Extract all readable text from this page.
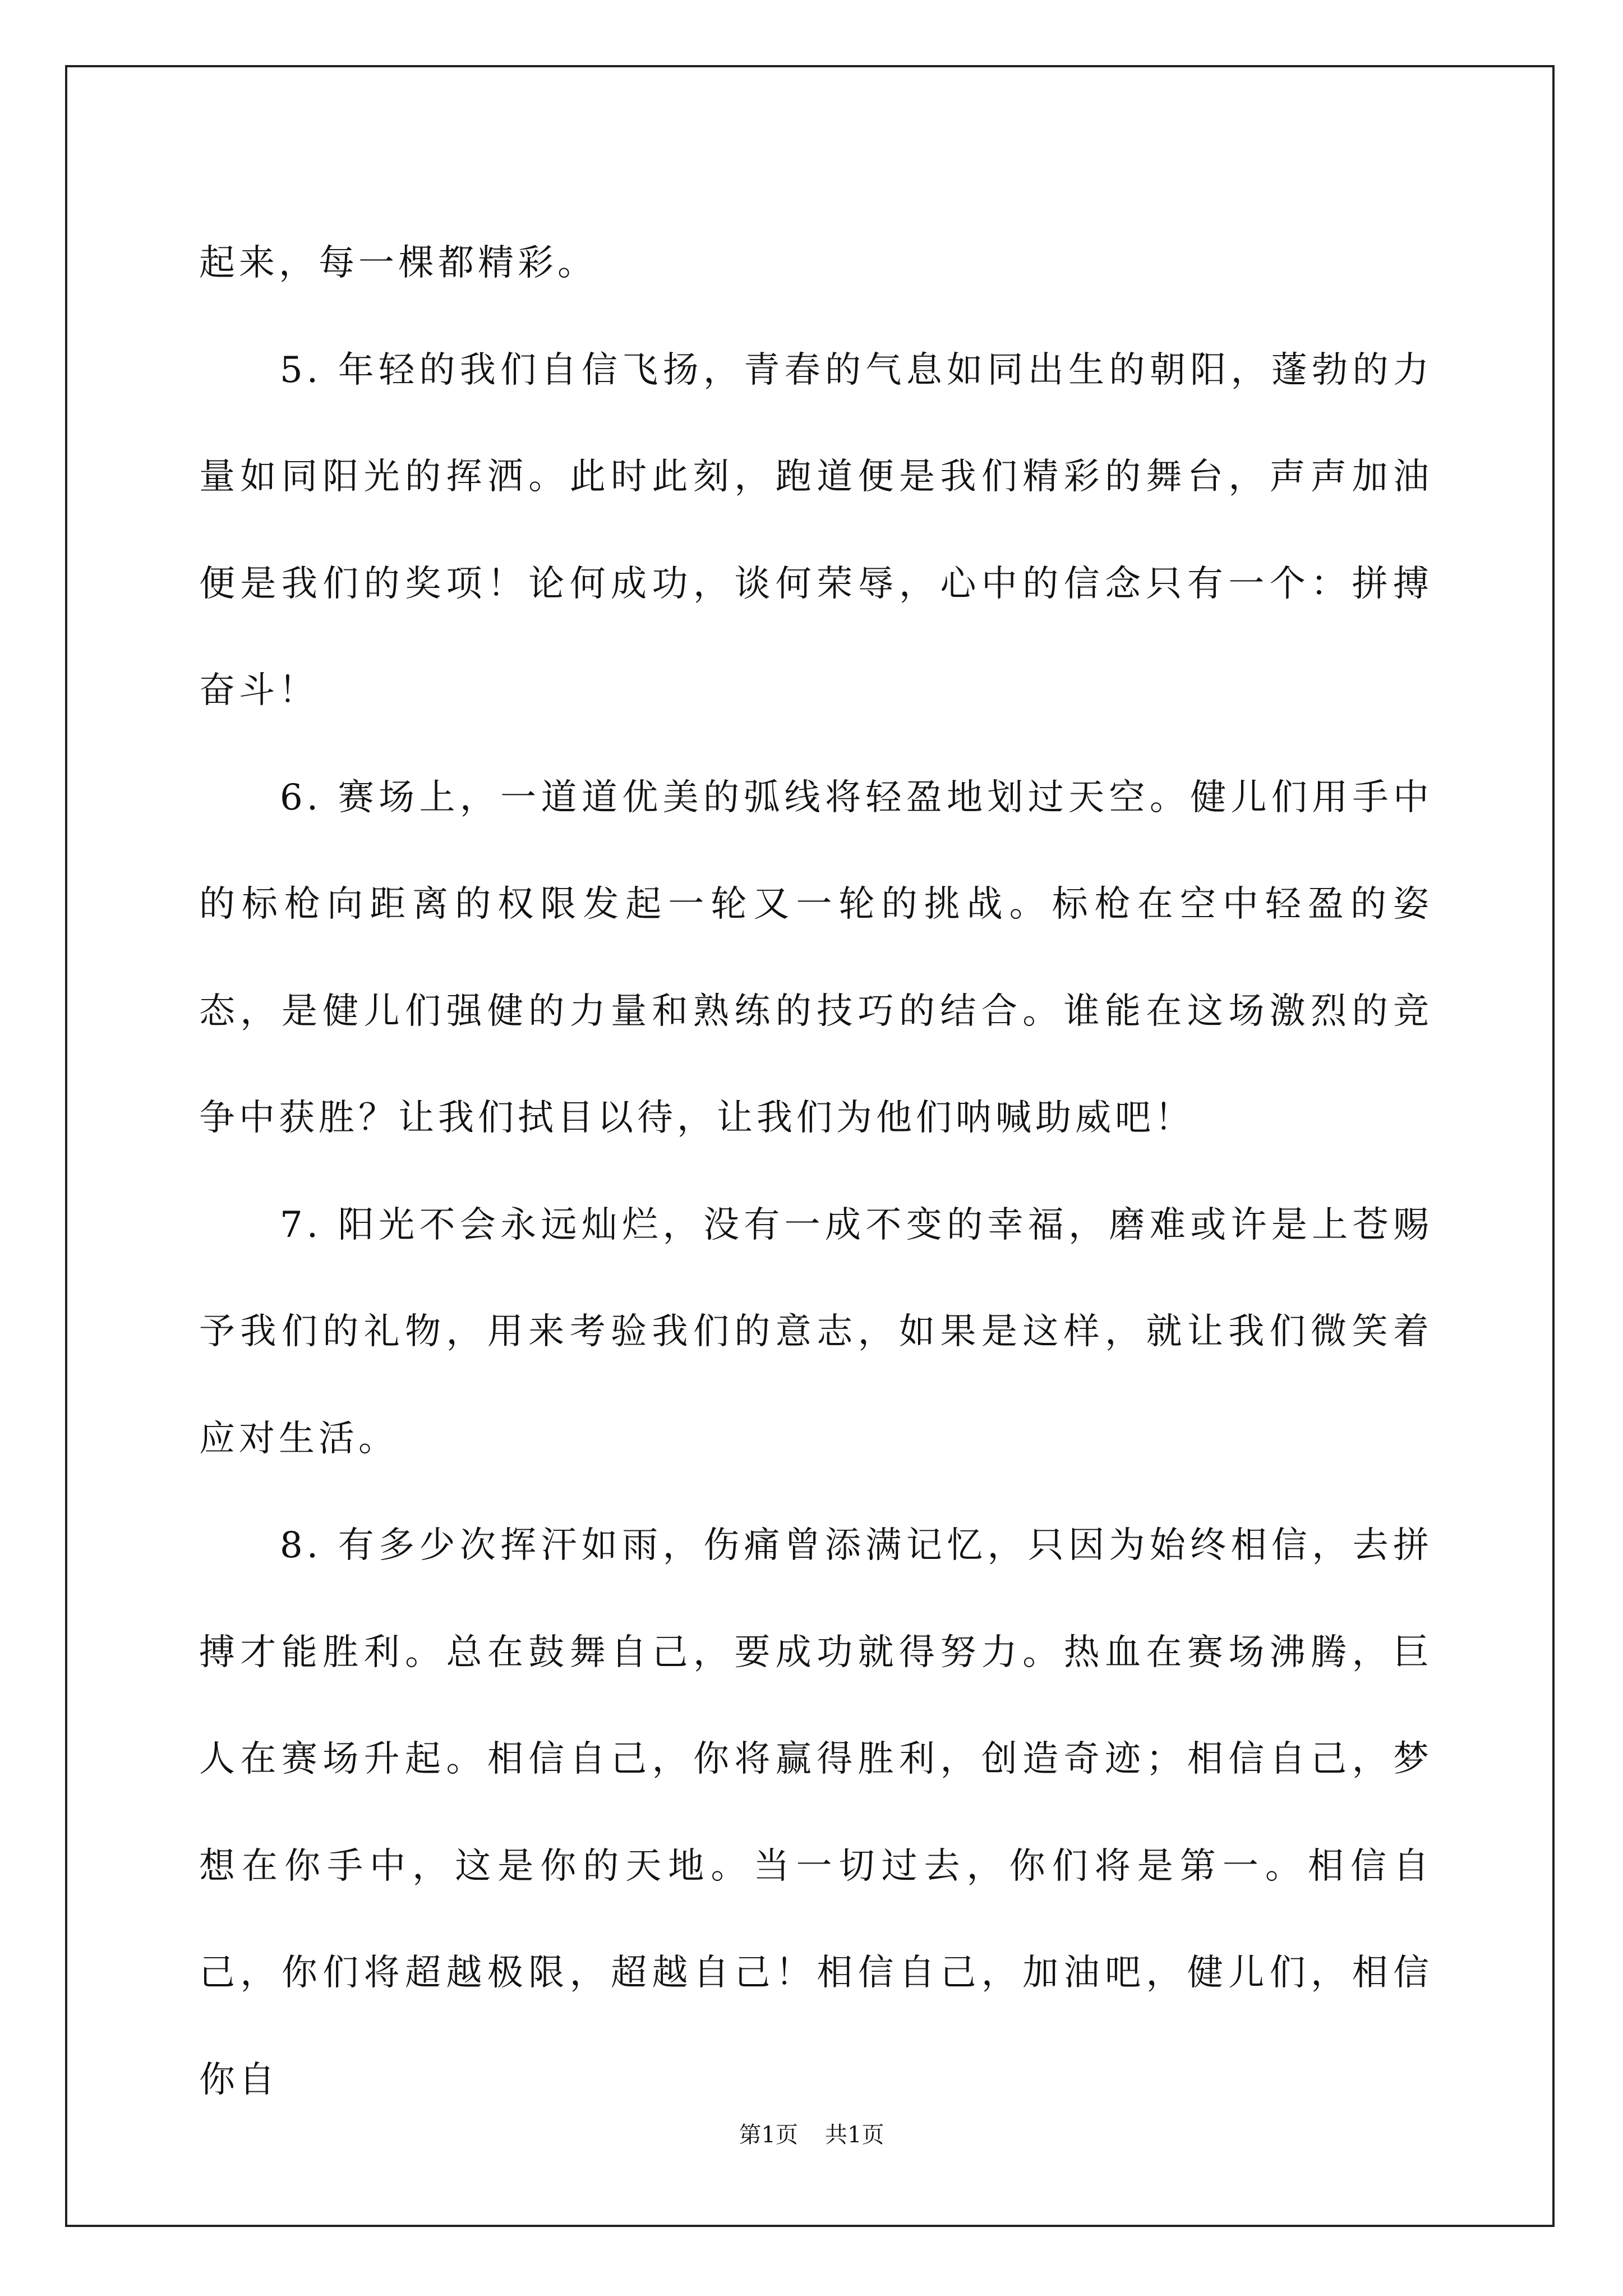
起来，每一棵都精彩。

5. 年轻的我们自信飞扬，青春的气息如同出生的朝阳，蓬勃的力量如同阳光的挥洒。此时此刻，跑道便是我们精彩的舞台，声声加油便是我们的奖项！论何成功，谈何荣辱，心中的信念只有一个：拼搏奋斗！

6. 赛场上，一道道优美的弧线将轻盈地划过天空。健儿们用手中的标枪向距离的权限发起一轮又一轮的挑战。标枪在空中轻盈的姿态，是健儿们强健的力量和熟练的技巧的结合。谁能在这场激烈的竞争中获胜？让我们拭目以待，让我们为他们呐喊助威吧！

7. 阳光不会永远灿烂，没有一成不变的幸福，磨难或许是上苍赐予我们的礼物，用来考验我们的意志，如果是这样，就让我们微笑着应对生活。

8. 有多少次挥汗如雨，伤痛曾添满记忆，只因为始终相信，去拼搏才能胜利。总在鼓舞自己，要成功就得努力。热血在赛场沸腾，巨人在赛场升起。相信自己，你将赢得胜利，创造奇迹；相信自己，梦想在你手中，这是你的天地。当一切过去，你们将是第一。相信自己，你们将超越极限，超越自己！相信自己，加油吧，健儿们，相信你自

第1页 共1页
